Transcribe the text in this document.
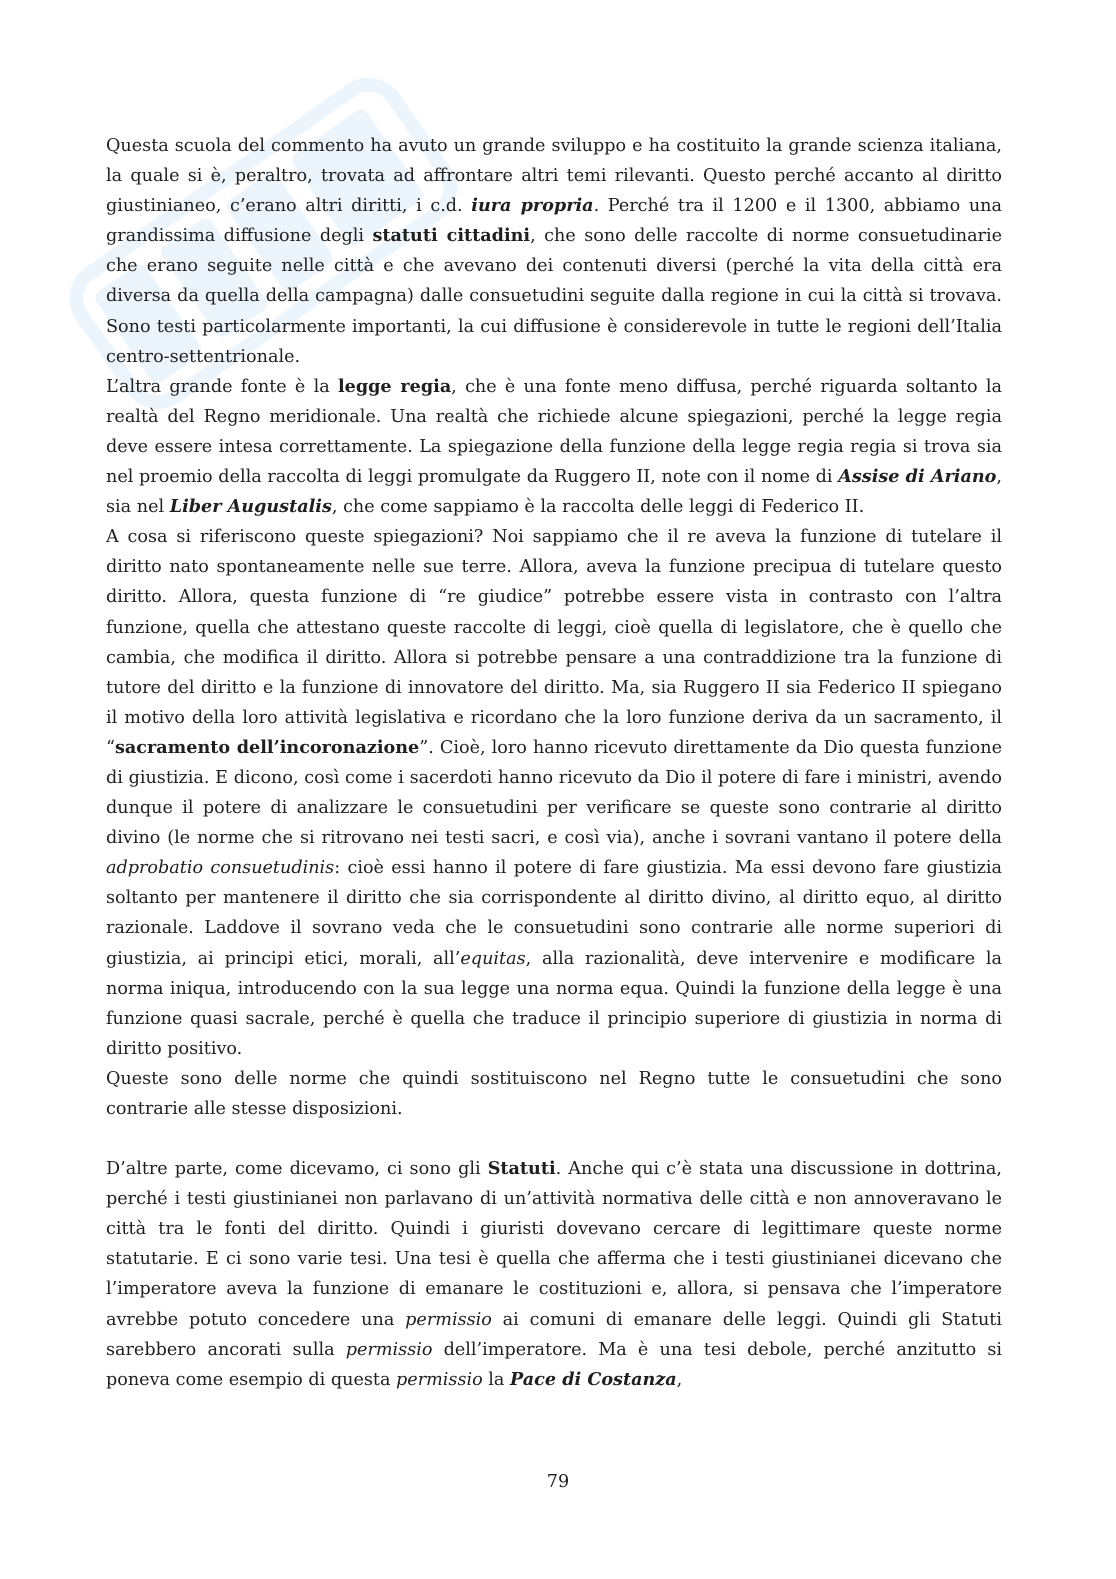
Questa scuola del commento ha avuto un grande sviluppo e ha costituito la grande scienza italiana, la quale si è, peraltro, trovata ad affrontare altri temi rilevanti. Questo perché accanto al diritto giustinianeo, c’erano altri diritti, i c.d. iura propria. Perché tra il 1200 e il 1300, abbiamo una grandissima diffusione degli statuti cittadini, che sono delle raccolte di norme consuetudinarie che erano seguite nelle città e che avevano dei contenuti diversi (perché la vita della città era diversa da quella della campagna) dalle consuetudini seguite dalla regione in cui la città si trovava. Sono testi particolarmente importanti, la cui diffusione è considerevole in tutte le regioni dell’Italia centro-settentrionale.

L’altra grande fonte è la legge regia, che è una fonte meno diffusa, perché riguarda soltanto la realtà del Regno meridionale. Una realtà che richiede alcune spiegazioni, perché la legge regia deve essere intesa correttamente. La spiegazione della funzione della legge regia regia si trova sia nel proemio della raccolta di leggi promulgate da Ruggero II, note con il nome di Assise di Ariano, sia nel Liber Augustalis, che come sappiamo è la raccolta delle leggi di Federico II.

A cosa si riferiscono queste spiegazioni? Noi sappiamo che il re aveva la funzione di tutelare il diritto nato spontaneamente nelle sue terre. Allora, aveva la funzione precipua di tutelare questo diritto. Allora, questa funzione di “re giudice” potrebbe essere vista in contrasto con l’altra funzione, quella che attestano queste raccolte di leggi, cioè quella di legislatore, che è quello che cambia, che modifica il diritto. Allora si potrebbe pensare a una contraddizione tra la funzione di tutore del diritto e la funzione di innovatore del diritto. Ma, sia Ruggero II sia Federico II spiegano il motivo della loro attività legislativa e ricordano che la loro funzione deriva da un sacramento, il “sacramento dell’incoronazione”. Cioè, loro hanno ricevuto direttamente da Dio questa funzione di giustizia. E dicono, così come i sacerdoti hanno ricevuto da Dio il potere di fare i ministri, avendo dunque il potere di analizzare le consuetudini per verificare se queste sono contrarie al diritto divino (le norme che si ritrovano nei testi sacri, e così via), anche i sovrani vantano il potere della adprobatio consuetudinis: cioè essi hanno il potere di fare giustizia. Ma essi devono fare giustizia soltanto per mantenere il diritto che sia corrispondente al diritto divino, al diritto equo, al diritto razionale. Laddove il sovrano veda che le consuetudini sono contrarie alle norme superiori di giustizia, ai principi etici, morali, all’equitas, alla razionalità, deve intervenire e modificare la norma iniqua, introducendo con la sua legge una norma equa. Quindi la funzione della legge è una funzione quasi sacrale, perché è quella che traduce il principio superiore di giustizia in norma di diritto positivo.

Queste sono delle norme che quindi sostituiscono nel Regno tutte le consuetudini che sono contrarie alle stesse disposizioni.

D’altre parte, come dicevamo, ci sono gli Statuti. Anche qui c’è stata una discussione in dottrina, perché i testi giustinianei non parlavano di un’attività normativa delle città e non annoveravano le città tra le fonti del diritto. Quindi i giuristi dovevano cercare di legittimare queste norme statutarie. E ci sono varie tesi. Una tesi è quella che afferma che i testi giustinianei dicevano che l’imperatore aveva la funzione di emanare le costituzioni e, allora, si pensava che l’imperatore avrebbe potuto concedere una permissio ai comuni di emanare delle leggi. Quindi gli Statuti sarebbero ancorati sulla permissio dell’imperatore. Ma è una tesi debole, perché anzitutto si poneva come esempio di questa permissio la Pace di Costanza,

79
